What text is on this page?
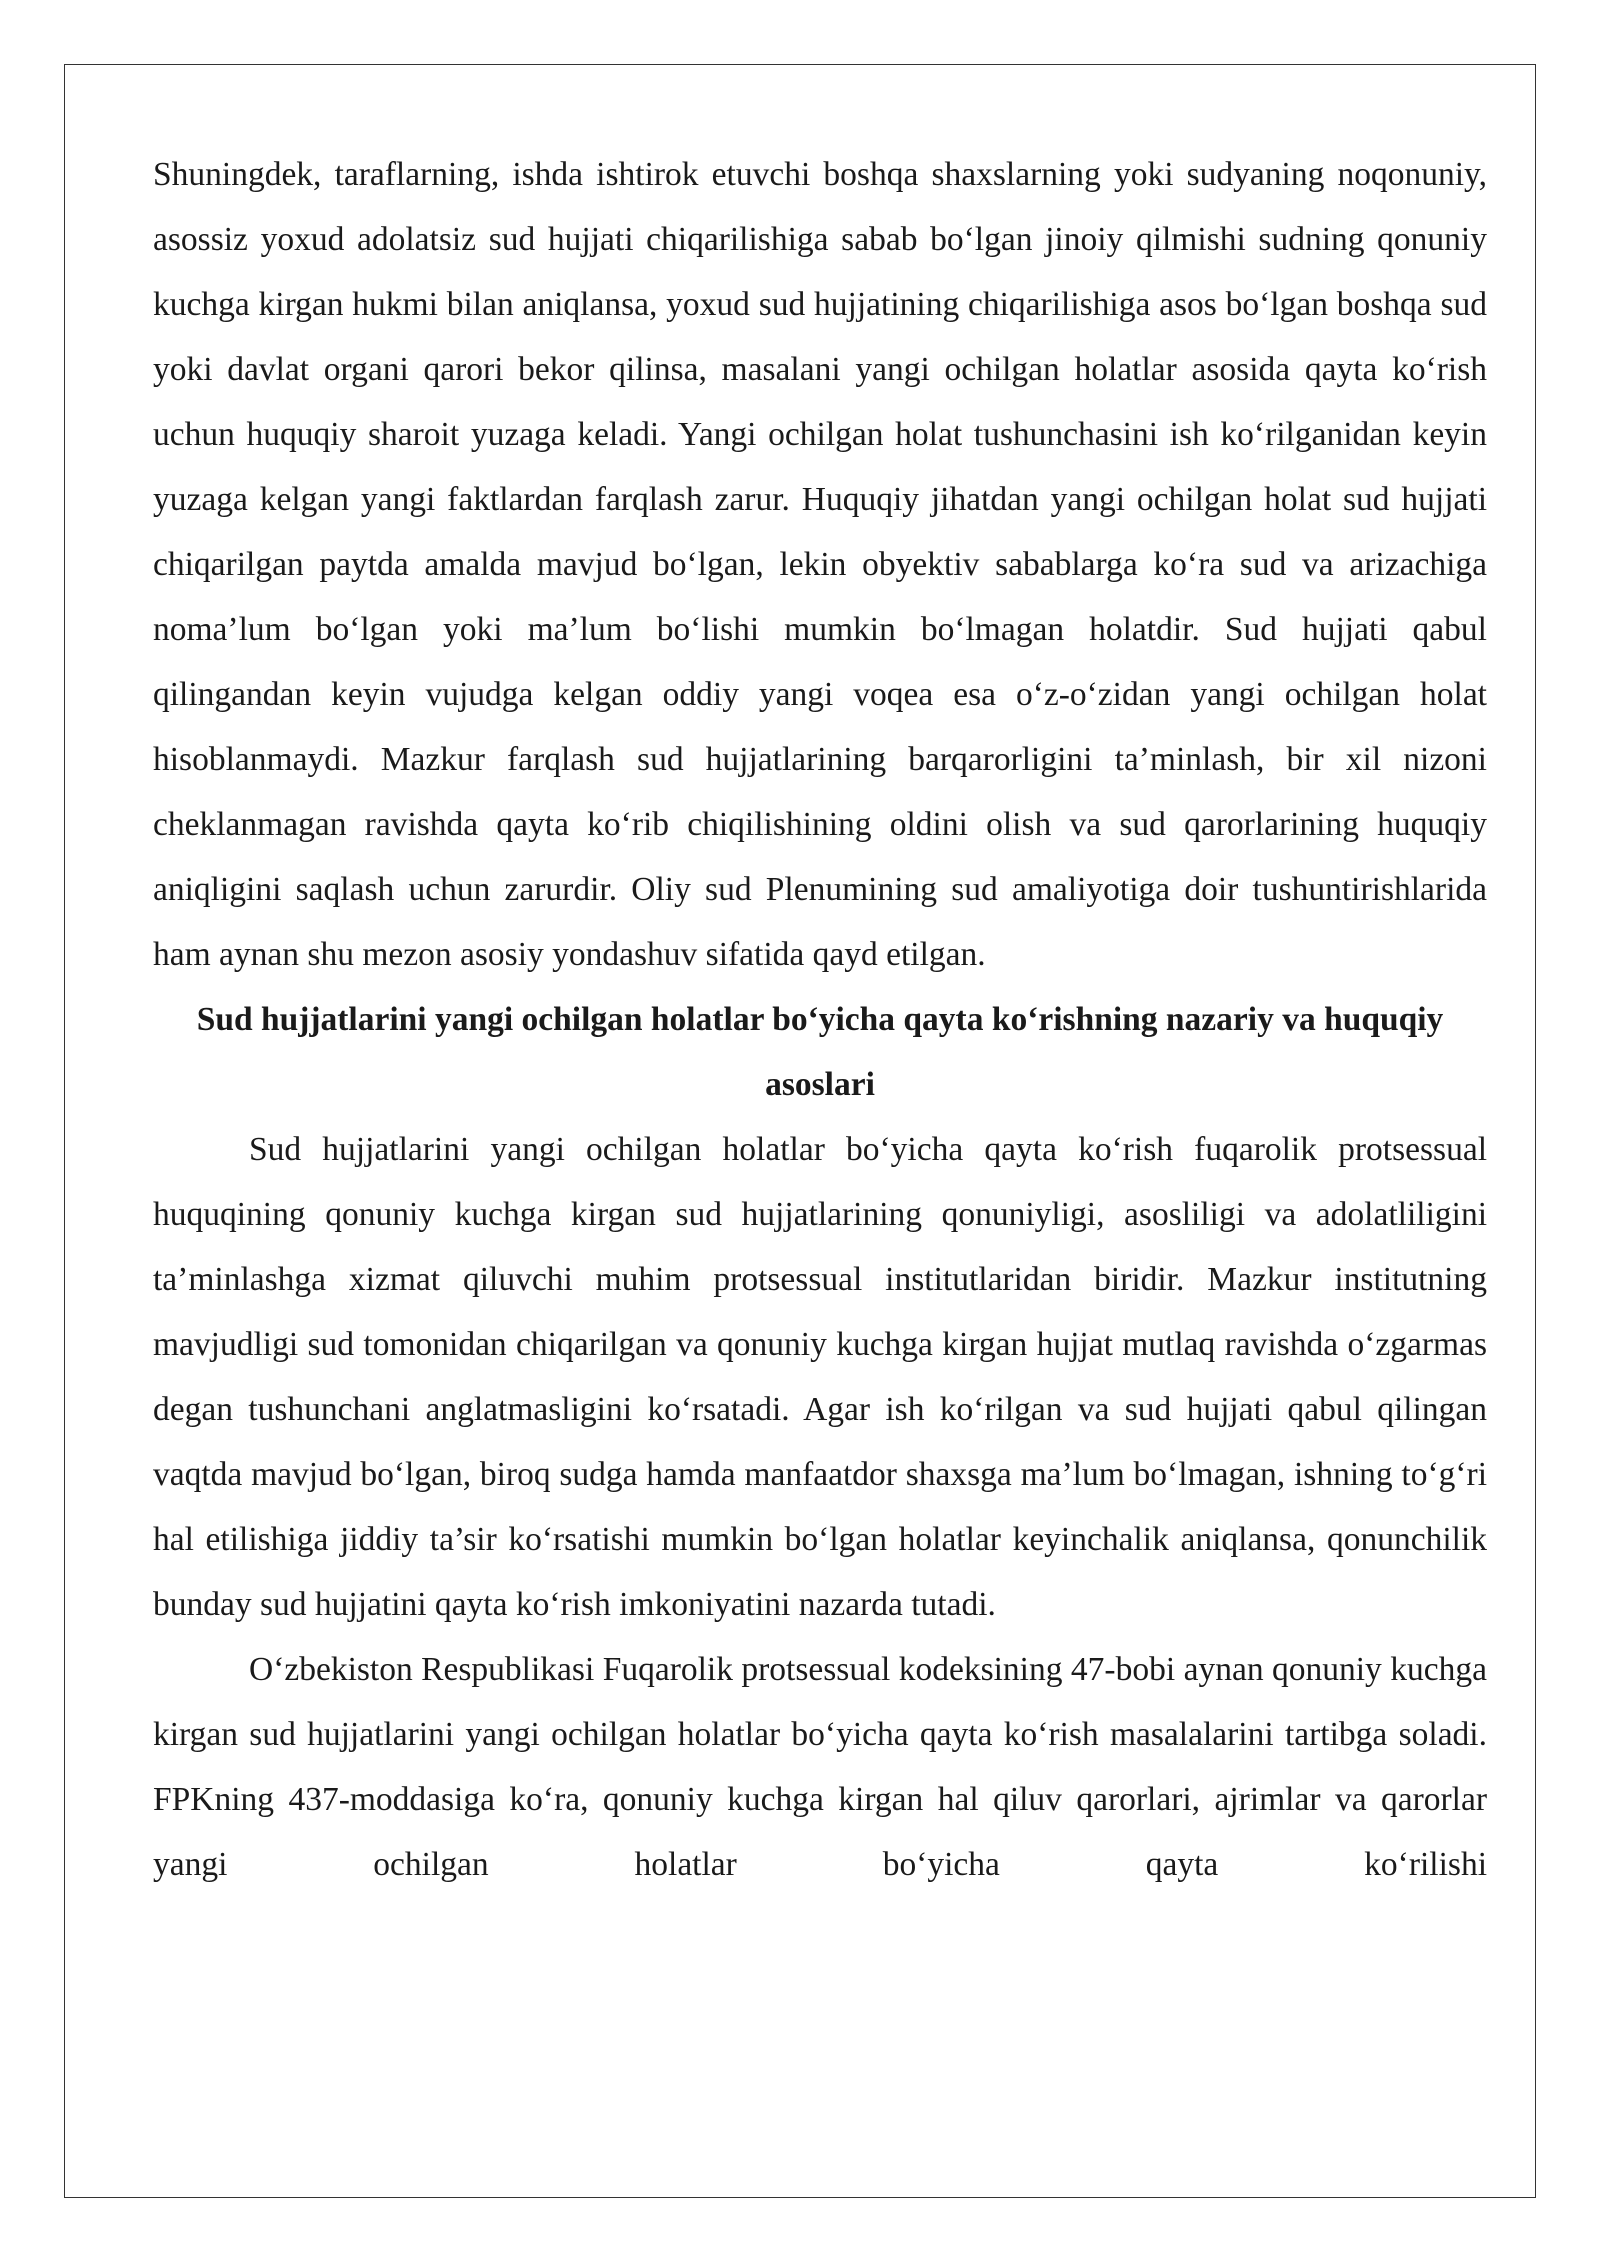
Shuningdek, taraflarning, ishda ishtirok etuvchi boshqa shaxslarning yoki sudyaning noqonuniy, asossiz yoxud adolatsiz sud hujjati chiqarilishiga sabab bo‘lgan jinoiy qilmishi sudning qonuniy kuchga kirgan hukmi bilan aniqlansa, yoxud sud hujjatining chiqarilishiga asos bo‘lgan boshqa sud yoki davlat organi qarori bekor qilinsa, masalani yangi ochilgan holatlar asosida qayta ko‘rish uchun huquqiy sharoit yuzaga keladi. Yangi ochilgan holat tushunchasini ish ko‘rilganidan keyin yuzaga kelgan yangi faktlardan farqlash zarur. Huquqiy jihatdan yangi ochilgan holat sud hujjati chiqarilgan paytda amalda mavjud bo‘lgan, lekin obyektiv sabablarga ko‘ra sud va arizachiga noma’lum bo‘lgan yoki ma’lum bo‘lishi mumkin bo‘lmagan holatdir. Sud hujjati qabul qilingandan keyin vujudga kelgan oddiy yangi voqea esa o‘z-o‘zidan yangi ochilgan holat hisoblanmaydi. Mazkur farqlash sud hujjatlarining barqarorligini ta’minlash, bir xil nizoni cheklanmagan ravishda qayta ko‘rib chiqilishining oldini olish va sud qarorlarining huquqiy aniqligini saqlash uchun zarurdir. Oliy sud Plenumining sud amaliyotiga doir tushuntirishlarida ham aynan shu mezon asosiy yondashuv sifatida qayd etilgan.

Sud hujjatlarini yangi ochilgan holatlar bo‘yicha qayta ko‘rishning nazariy va huquqiy asoslari

Sud hujjatlarini yangi ochilgan holatlar bo‘yicha qayta ko‘rish fuqarolik protsessual huquqining qonuniy kuchga kirgan sud hujjatlarining qonuniyligi, asosliligi va adolatliligini ta’minlashga xizmat qiluvchi muhim protsessual institutlaridan biridir. Mazkur institutning mavjudligi sud tomonidan chiqarilgan va qonuniy kuchga kirgan hujjat mutlaq ravishda o‘zgarmas degan tushunchani anglatmasligini ko‘rsatadi. Agar ish ko‘rilgan va sud hujjati qabul qilingan vaqtda mavjud bo‘lgan, biroq sudga hamda manfaatdor shaxsga ma’lum bo‘lmagan, ishning to‘g‘ri hal etilishiga jiddiy ta’sir ko‘rsatishi mumkin bo‘lgan holatlar keyinchalik aniqlansa, qonunchilik bunday sud hujjatini qayta ko‘rish imkoniyatini nazarda tutadi.

O‘zbekiston Respublikasi Fuqarolik protsessual kodeksining 47-bobi aynan qonuniy kuchga kirgan sud hujjatlarini yangi ochilgan holatlar bo‘yicha qayta ko‘rish masalalarini tartibga soladi. FPKning 437-moddasiga ko‘ra, qonuniy kuchga kirgan hal qiluv qarorlari, ajrimlar va qarorlar yangi ochilgan holatlar bo‘yicha qayta ko‘rilishi
